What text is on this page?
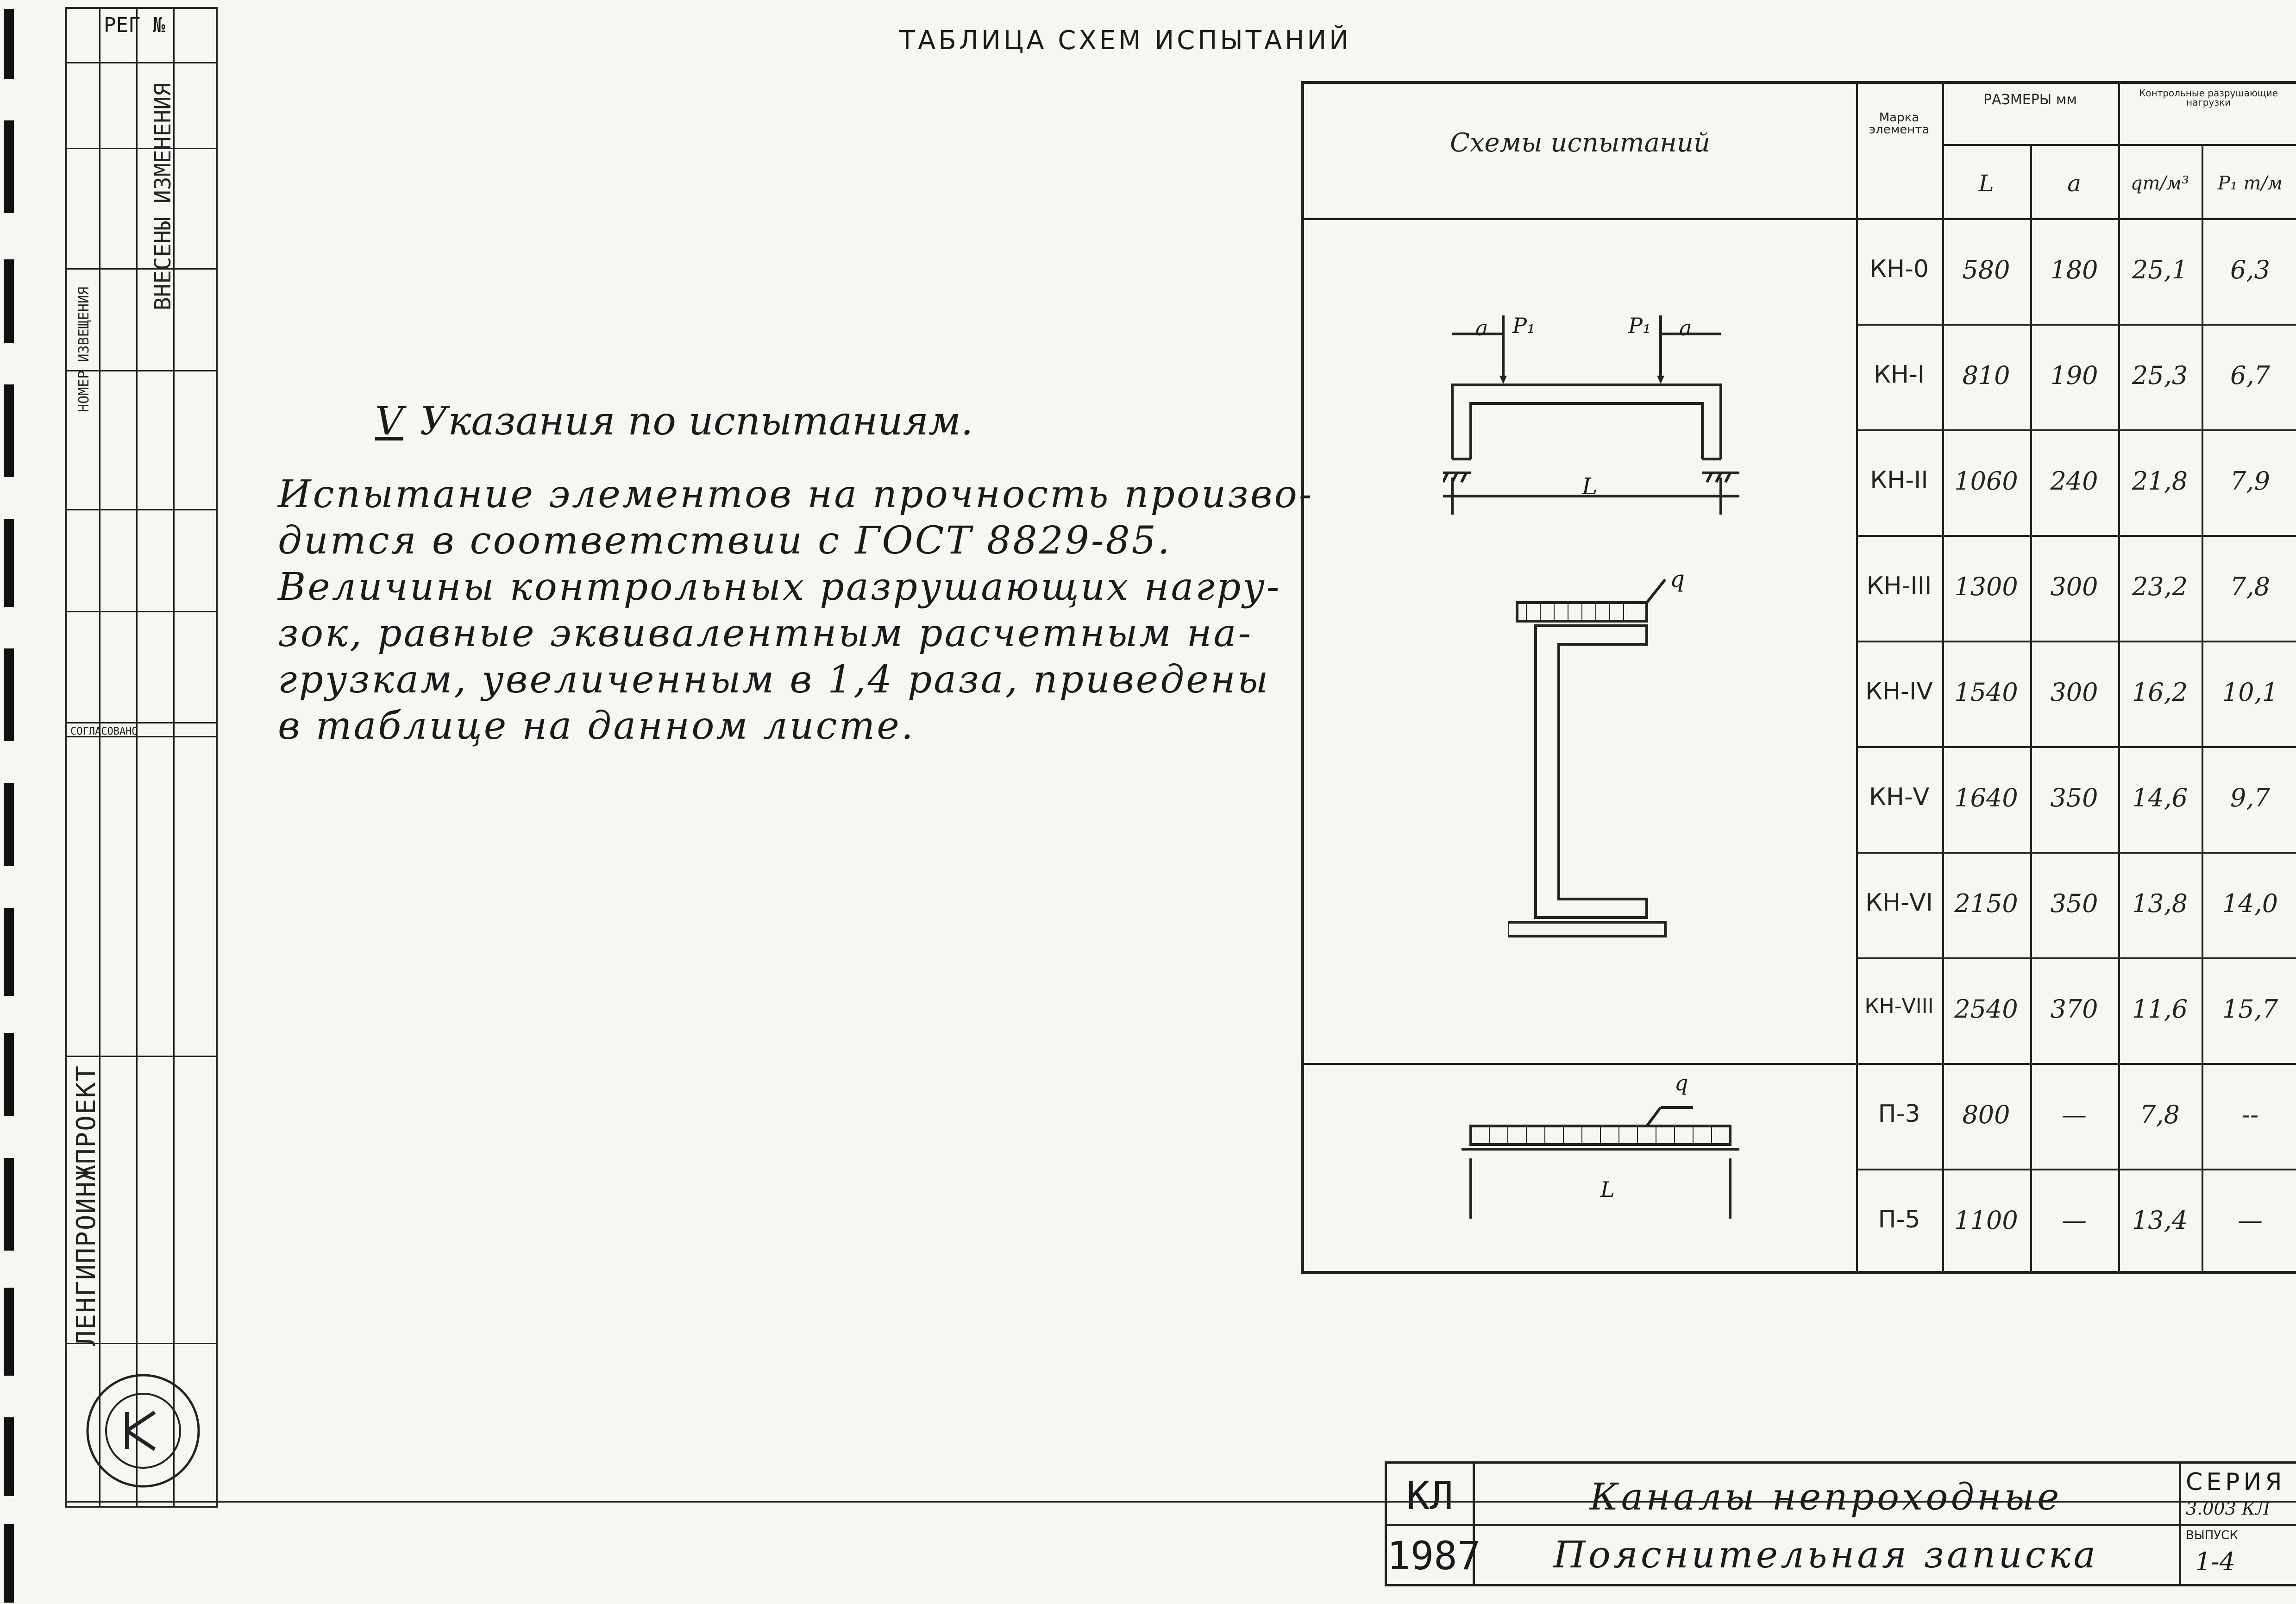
РЕГ №
ВНЕСЕНЫ ИЗМЕНЕНИЯ
НОМЕР ИЗВЕЩЕНИЯ
СОГЛАСОВАНО
ЛЕНГИПРОИНЖПРОЕКТ
V Указания по испытаниям.
Испытание элементов на прочность произво-
дится в соответствии с ГОСТ 8829-85.
Величины контрольных разрушающих нагру-
зок, равные эквивалентным расчетным на-
грузкам, увеличенным в 1,4 раза, приведены
в таблице на данном листе.
ТАБЛИЦА СХЕМ ИСПЫТАНИЙ
Схемы испытаний
Марка элемента
РАЗМЕРЫ мм	Контрольные разрушающие нагрузки
L	a	qт/м³	P₁ т/м
КН-0	580	180	25,1	6,3
КН-I	810	190	25,3	6,7
КН-II	1060	240	21,8	7,9
КН-III 1300	300	23,2	7,8
КН-IV 1540	300	16,2	10,1
КН-V	1640	350	14,6	9,7
КН-VI 2150	350	13,8	14,0
КН-VIII 2540	370	11,6	15,7
П-3	800	—	7,8	--
П-5	1100	—	13,4	—
a P₁	P₁ a
L
q
q
L
КЛ
1987
Каналы непроходные
Пояснительная записка
СЕРИЯ
3.003 КЛ
ВЫПУСК
1-4
